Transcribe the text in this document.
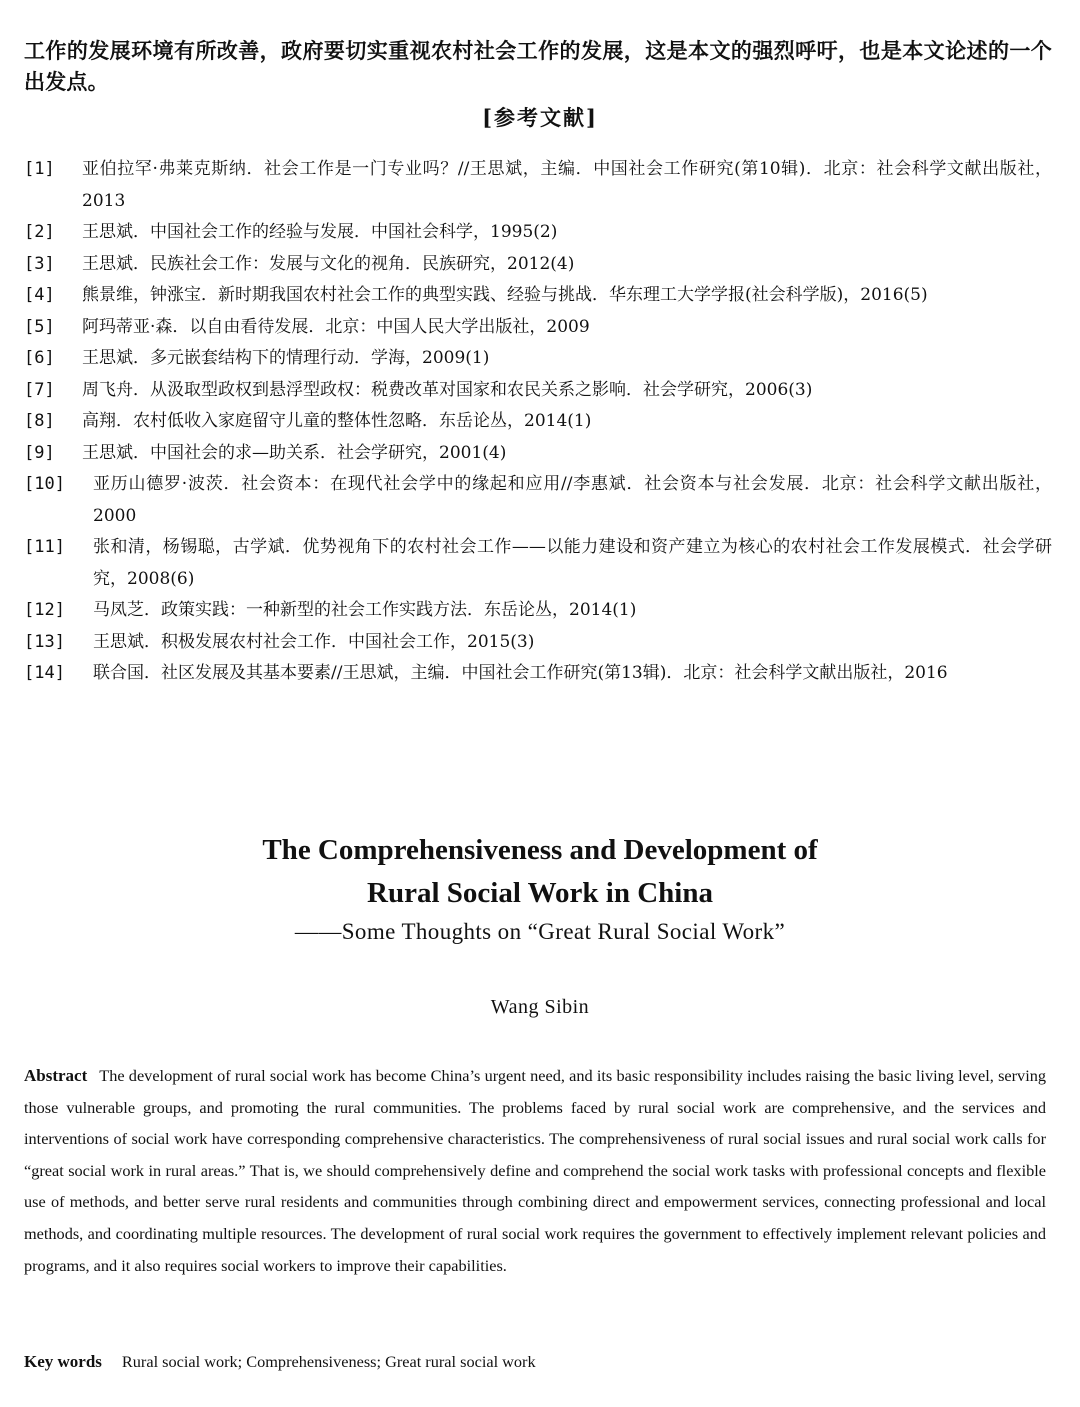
工作的发展环境有所改善，政府要切实重视农村社会工作的发展，这是本文的强烈呼吁，也是本文论述的一个出发点。

[参考文献]
[1]	亚伯拉罕·弗莱克斯纳．社会工作是一门专业吗？//王思斌，主编．中国社会工作研究(第10辑)．北京：社会科学文献出版社，2013
[2]	王思斌．中国社会工作的经验与发展．中国社会科学，1995(2)
[3]	王思斌．民族社会工作：发展与文化的视角．民族研究，2012(4)
[4]	熊景维，钟涨宝．新时期我国农村社会工作的典型实践、经验与挑战．华东理工大学学报(社会科学版)，2016(5)
[5]	阿玛蒂亚·森．以自由看待发展．北京：中国人民大学出版社，2009
[6]	王思斌．多元嵌套结构下的情理行动．学海，2009(1)
[7]	周飞舟．从汲取型政权到悬浮型政权：税费改革对国家和农民关系之影响．社会学研究，2006(3)
[8]	高翔．农村低收入家庭留守儿童的整体性忽略．东岳论丛，2014(1)
[9]	王思斌．中国社会的求—助关系．社会学研究，2001(4)
[10]	亚历山德罗·波茨．社会资本：在现代社会学中的缘起和应用//李惠斌．社会资本与社会发展．北京：社会科学文献出版社，2000
[11]	张和清，杨锡聪，古学斌．优势视角下的农村社会工作——以能力建设和资产建立为核心的农村社会工作发展模式．社会学研究，2008(6)
[12]	马凤芝．政策实践：一种新型的社会工作实践方法．东岳论丛，2014(1)
[13]	王思斌．积极发展农村社会工作．中国社会工作，2015(3)
[14]	联合国．社区发展及其基本要素//王思斌，主编．中国社会工作研究(第13辑)．北京：社会科学文献出版社，2016
The Comprehensiveness and Development of
Rural Social Work in China
——Some Thoughts on “Great Rural Social Work”
Wang Sibin

Abstract The development of rural social work has become China’s urgent need, and its basic responsibility includes raising the basic living level, serving those vulnerable groups, and promoting the rural communities. The problems faced by rural social work are comprehensive, and the services and interventions of social work have corresponding comprehensive characteristics. The comprehensiveness of rural social issues and rural social work calls for “great social work in rural areas.” That is, we should comprehensively define and comprehend the social work tasks with professional concepts and flexible use of methods, and better serve rural residents and communities through combining direct and empowerment services, connecting professional and local methods, and coordinating multiple resources. The development of rural social work requires the government to effectively implement relevant policies and programs, and it also requires social workers to improve their capabilities.

Key words Rural social work; Comprehensiveness; Great rural social work
